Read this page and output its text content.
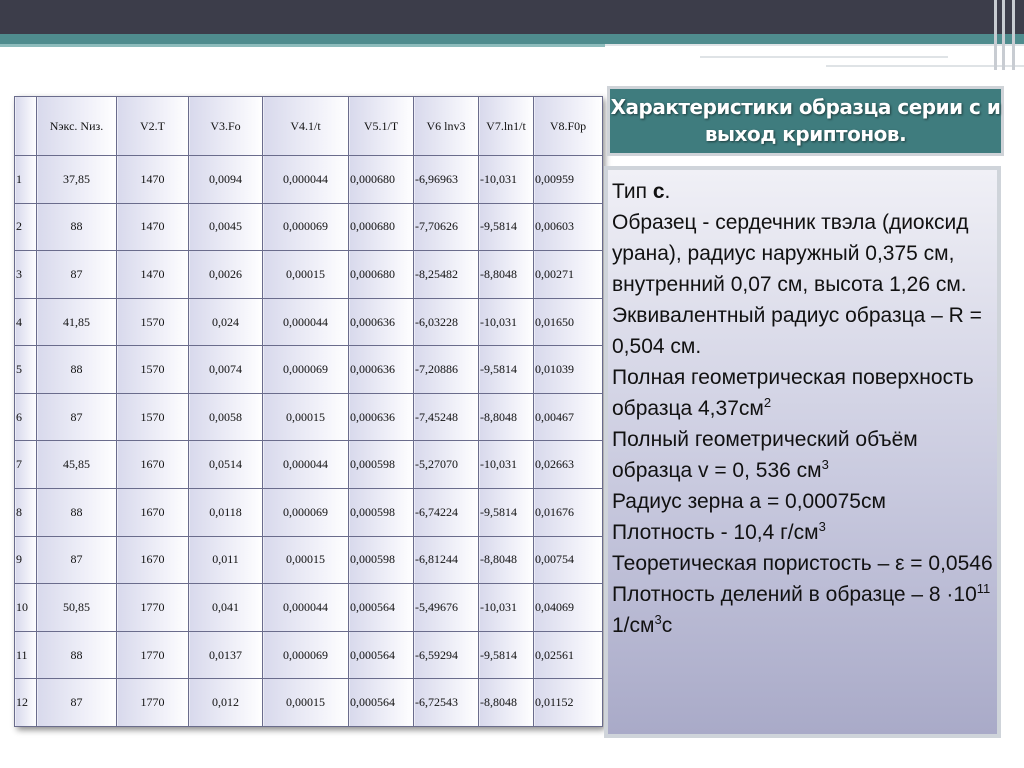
	Nэкс. Nиз.	V2.T	V3.Fo	V4.1/t	V5.1/T	V6 lnv3	V7.ln1/t	V8.F0p
1	37,85	1470	0,0094	0,000044	0,000680	-6,96963	-10,031	0,00959
2	88	1470	0,0045	0,000069	0,000680	-7,70626	-9,5814	0,00603
3	87	1470	0,0026	0,00015	0,000680	-8,25482	-8,8048	0,00271
4	41,85	1570	0,024	0,000044	0,000636	-6,03228	-10,031	0,01650
5	88	1570	0,0074	0,000069	0,000636	-7,20886	-9,5814	0,01039
6	87	1570	0,0058	0,00015	0,000636	-7,45248	-8,8048	0,00467
7	45,85	1670	0,0514	0,000044	0,000598	-5,27070	-10,031	0,02663
8	88	1670	0,0118	0,000069	0,000598	-6,74224	-9,5814	0,01676
9	87	1670	0,011	0,00015	0,000598	-6,81244	-8,8048	0,00754
10	50,85	1770	0,041	0,000044	0,000564	-5,49676	-10,031	0,04069
11	88	1770	0,0137	0,000069	0,000564	-6,59294	-9,5814	0,02561
12	87	1770	0,012	0,00015	0,000564	-6,72543	-8,8048	0,01152
Характеристики образца серии с и выход криптонов.

Тип с.

Образец - сердечник твэла (диоксид урана), радиус наружный 0,375 см, внутренний 0,07 см, высота 1,26 см.

Эквивалентный радиус образца – R = 0,504 см.

Полная геометрическая поверхность образца $4,37см^2$

Полный геометрический объём образца v = 0, 536 $см^3$

Радиус зерна a = 0,00075см

Плотность - 10,4 $г/см^3$

Теоретическая пористость – ε = 0,0546

Плотность делений в образце – $8 \cdot 10^{11}$ $1/см^3с$
